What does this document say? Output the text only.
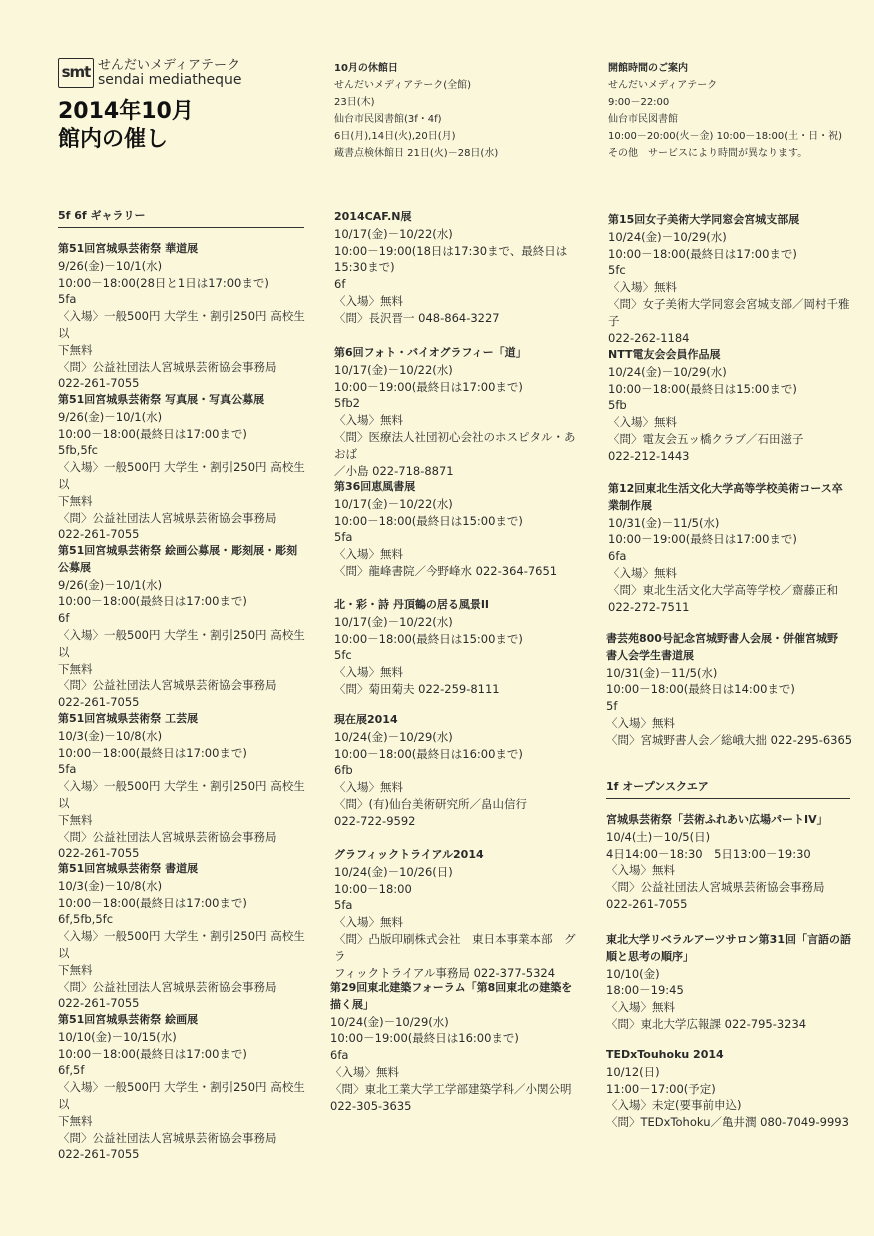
smt せんだいメディアテーク
sendai mediatheque
2014年10月
館内の催し
10月の休館日
せんだいメディアテーク(全館)
23日(木)
仙台市民図書館(3f・4f)
6日(月),14日(火),20日(月)
蔵書点検休館日 21日(火)－28日(水)
開館時間のご案内
せんだいメディアテーク
9:00－22:00
仙台市民図書館
10:00－20:00(火－金) 10:00－18:00(土・日・祝)
その他　サービスにより時間が異なります。
5f 6f ギャラリー
1f オープンスクエア
第51回宮城県芸術祭 華道展
9/26(金)－10/1(水)
10:00－18:00(28日と1日は17:00まで)
5fa
〈入場〉一般500円 大学生・割引250円 高校生以
下無料
〈問〉公益社団法人宮城県芸術協会事務局
022-261-7055
第51回宮城県芸術祭 写真展・写真公募展
9/26(金)－10/1(水)
10:00－18:00(最終日は17:00まで)
5fb,5fc
〈入場〉一般500円 大学生・割引250円 高校生以
下無料
〈問〉公益社団法人宮城県芸術協会事務局
022-261-7055
第51回宮城県芸術祭 絵画公募展・彫刻展・彫刻
公募展
9/26(金)－10/1(水)
10:00－18:00(最終日は17:00まで)
6f
〈入場〉一般500円 大学生・割引250円 高校生以
下無料
〈問〉公益社団法人宮城県芸術協会事務局
022-261-7055
第51回宮城県芸術祭 工芸展
10/3(金)－10/8(水)
10:00－18:00(最終日は17:00まで)
5fa
〈入場〉一般500円 大学生・割引250円 高校生以
下無料
〈問〉公益社団法人宮城県芸術協会事務局
022-261-7055
第51回宮城県芸術祭 書道展
10/3(金)－10/8(水)
10:00－18:00(最終日は17:00まで)
6f,5fb,5fc
〈入場〉一般500円 大学生・割引250円 高校生以
下無料
〈問〉公益社団法人宮城県芸術協会事務局
022-261-7055
第51回宮城県芸術祭 絵画展
10/10(金)－10/15(水)
10:00－18:00(最終日は17:00まで)
6f,5f
〈入場〉一般500円 大学生・割引250円 高校生以
下無料
〈問〉公益社団法人宮城県芸術協会事務局
022-261-7055
2014CAF.N展
10/17(金)－10/22(水)
10:00－19:00(18日は17:30まで、最終日は
15:30まで)
6f
〈入場〉無料
〈問〉長沢晋一 048-864-3227
第6回フォト・バイオグラフィー「道」
10/17(金)－10/22(水)
10:00－19:00(最終日は17:00まで)
5fb2
〈入場〉無料
〈問〉医療法人社団初心会社のホスピタル・あおば
／小島 022-718-8871
第36回恵風書展
10/17(金)－10/22(水)
10:00－18:00(最終日は15:00まで)
5fa
〈入場〉無料
〈問〉龍峰書院／今野峰水 022-364-7651
北・彩・詩 丹頂鶴の居る風景II
10/17(金)－10/22(水)
10:00－18:00(最終日は15:00まで)
5fc
〈入場〉無料
〈問〉菊田菊夫 022-259-8111
現在展2014
10/24(金)－10/29(水)
10:00－18:00(最終日は16:00まで)
6fb
〈入場〉無料
〈問〉(有)仙台美術研究所／畠山信行
022-722-9592
グラフィックトライアル2014
10/24(金)－10/26(日)
10:00－18:00
5fa
〈入場〉無料
〈問〉凸版印刷株式会社　東日本事業本部　グラ
フィックトライアル事務局 022-377-5324
第29回東北建築フォーラム「第8回東北の建築を
描く展」
10/24(金)－10/29(水)
10:00－19:00(最終日は16:00まで)
6fa
〈入場〉無料
〈問〉東北工業大学工学部建築学科／小関公明
022-305-3635
第15回女子美術大学同窓会宮城支部展
10/24(金)－10/29(水)
10:00－18:00(最終日は17:00まで)
5fc
〈入場〉無料
〈問〉女子美術大学同窓会宮城支部／岡村千雅子
022-262-1184
NTT電友会会員作品展
10/24(金)－10/29(水)
10:00－18:00(最終日は15:00まで)
5fb
〈入場〉無料
〈問〉電友会五ッ橋クラブ／石田滋子
022-212-1443
第12回東北生活文化大学高等学校美術コース卒
業制作展
10/31(金)－11/5(水)
10:00－19:00(最終日は17:00まで)
6fa
〈入場〉無料
〈問〉東北生活文化大学高等学校／齋藤正和
022-272-7511
書芸苑800号記念宮城野書人会展・併催宮城野
書人会学生書道展
10/31(金)－11/5(水)
10:00－18:00(最終日は14:00まで)
5f
〈入場〉無料
〈問〉宮城野書人会／総峨大拙 022-295-6365
宮城県芸術祭「芸術ふれあい広場パートIV」
10/4(土)－10/5(日)
4日14:00－18:30　5日13:00－19:30
〈入場〉無料
〈問〉公益社団法人宮城県芸術協会事務局
022-261-7055
東北大学リベラルアーツサロン第31回「言語の語
順と思考の順序」
10/10(金)
18:00－19:45
〈入場〉無料
〈問〉東北大学広報課 022-795-3234
TEDxTouhoku 2014
10/12(日)
11:00－17:00(予定)
〈入場〉未定(要事前申込)
〈問〉TEDxTohoku／亀井潤 080-7049-9993
